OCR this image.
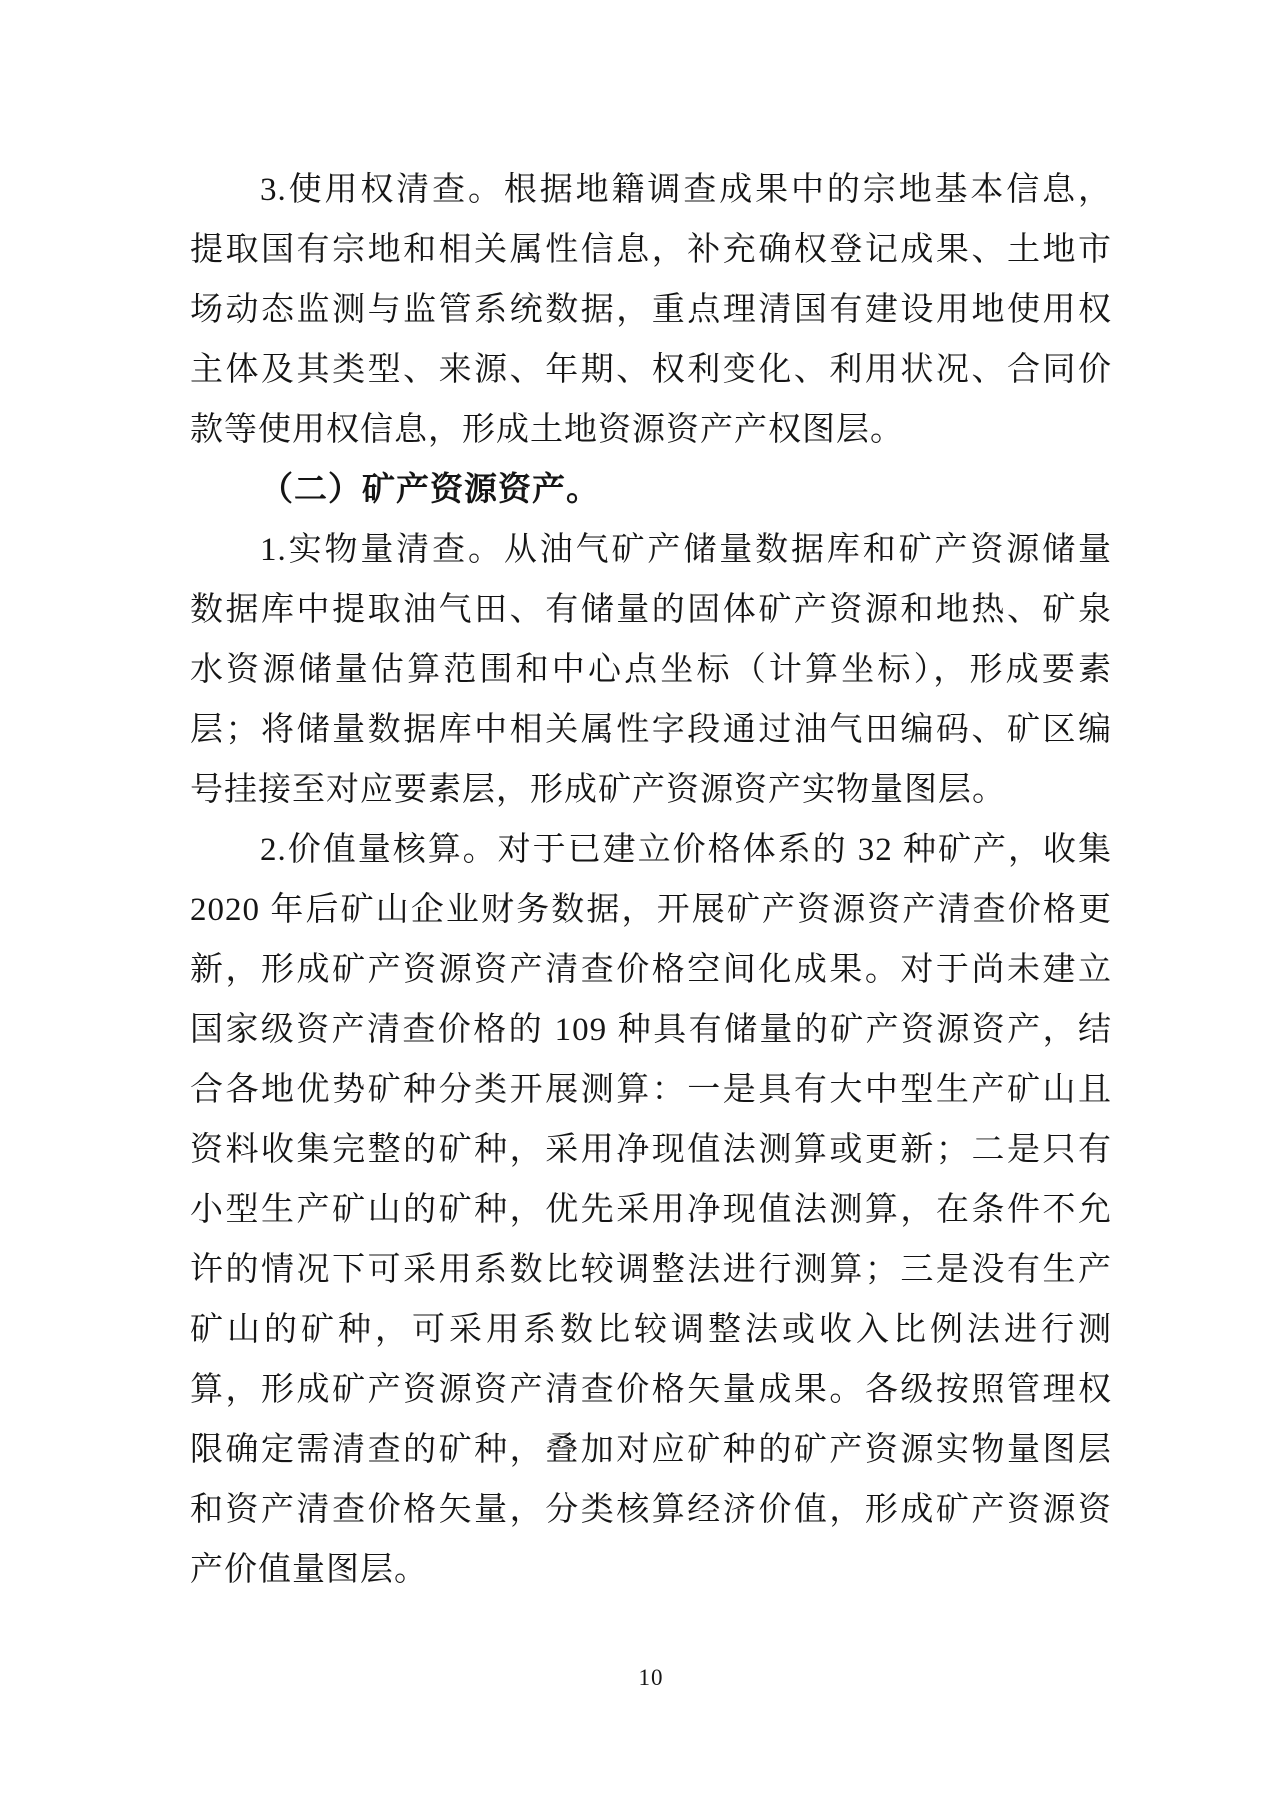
3.使用权清查。根据地籍调查成果中的宗地基本信息，
提取国有宗地和相关属性信息，补充确权登记成果、土地市
场动态监测与监管系统数据，重点理清国有建设用地使用权
主体及其类型、来源、年期、权利变化、利用状况、合同价
款等使用权信息，形成土地资源资产产权图层。
（二）矿产资源资产。
1.实物量清查。从油气矿产储量数据库和矿产资源储量
数据库中提取油气田、有储量的固体矿产资源和地热、矿泉
水资源储量估算范围和中心点坐标（计算坐标），形成要素
层；将储量数据库中相关属性字段通过油气田编码、矿区编
号挂接至对应要素层，形成矿产资源资产实物量图层。
2.价值量核算。对于已建立价格体系的 32 种矿产，收集
2020 年后矿山企业财务数据，开展矿产资源资产清查价格更
新，形成矿产资源资产清查价格空间化成果。对于尚未建立
国家级资产清查价格的 109 种具有储量的矿产资源资产，结
合各地优势矿种分类开展测算：一是具有大中型生产矿山且
资料收集完整的矿种，采用净现值法测算或更新；二是只有
小型生产矿山的矿种，优先采用净现值法测算，在条件不允
许的情况下可采用系数比较调整法进行测算；三是没有生产
矿山的矿种，可采用系数比较调整法或收入比例法进行测
算，形成矿产资源资产清查价格矢量成果。各级按照管理权
限确定需清查的矿种，叠加对应矿种的矿产资源实物量图层
和资产清查价格矢量，分类核算经济价值，形成矿产资源资
产价值量图层。
10
